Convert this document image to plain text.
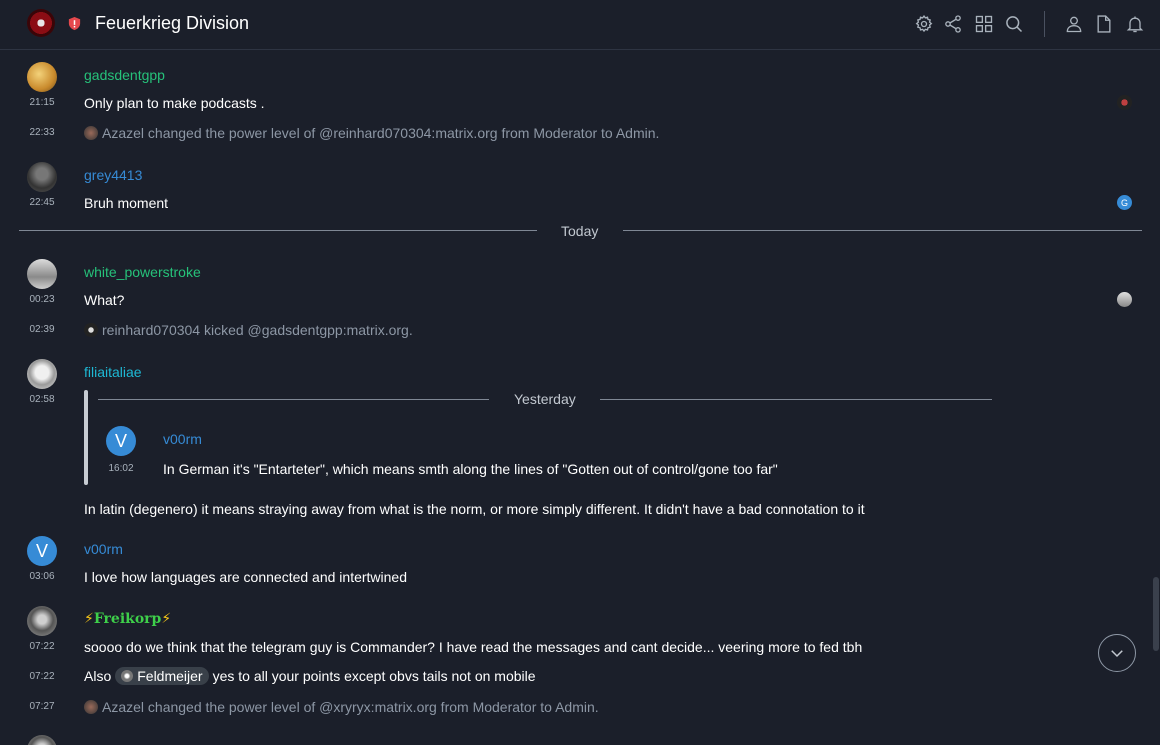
Feuerkrieg Division
gadsdentgpp
21:15	Only plan to make podcasts .
22:33	Azazel changed the power level of @reinhard070304:matrix.org from Moderator to Admin.
grey4413
22:45	Bruh moment	G
Today
white_powerstroke
00:23	What?
02:39	reinhard070304 kicked @gadsdentgpp:matrix.org.
filiaitaliae
02:58	Yesterday
V	v00rm
16:02	In German it's "Entarteter", which means smth along the lines of "Gotten out of control/gone too far"
In latin (degenero) it means straying away from what is the norm, or more simply different. It didn't have a bad connotation to it
V	v00rm
03:06	I love how languages are connected and intertwined
⚡Freikorp⚡
07:22	soooo do we think that the telegram guy is Commander? I have read the messages and cant decide... veering more to fed tbh
07:22	Also Feldmeijer yes to all your points except obvs tails not on mobile
07:27	Azazel changed the power level of @xryryx:matrix.org from Moderator to Admin.
